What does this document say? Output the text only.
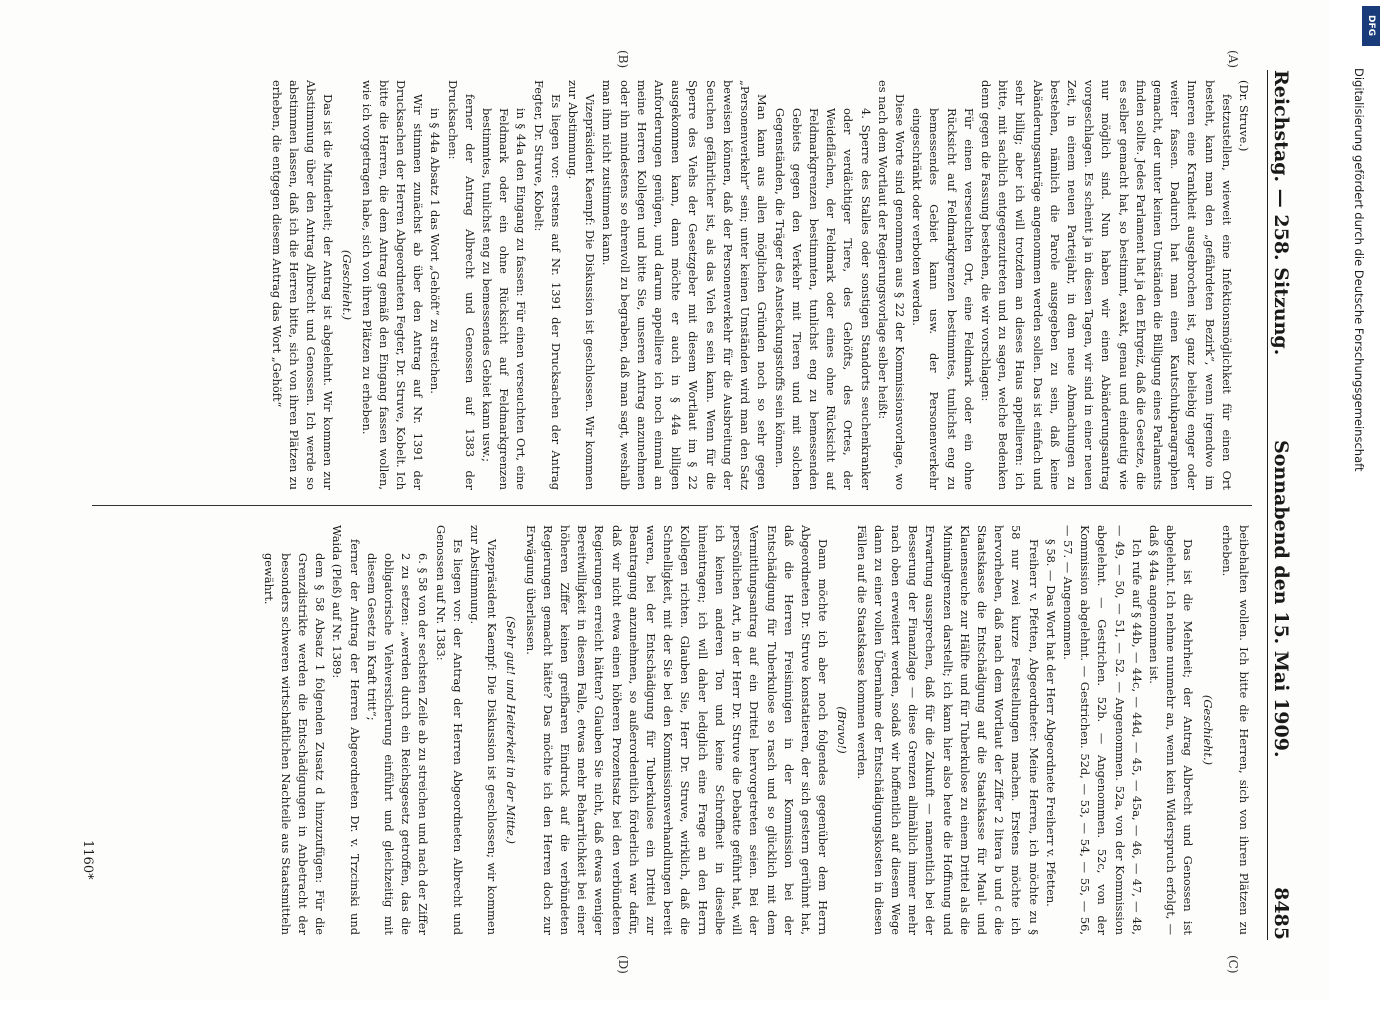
Reichstag. — 258. Sitzung.
Sonnabend den 15. Mai 1909.
8485
(A)
(B)
(C)
(D)

(Dr. Struve.)

festzustellen, wieweit eine Infektionsmöglichkeit für einen Ort besteht, kann man den „gefährdeten Bezirk“, wenn irgendwo im Inneren eine Krankheit ausgebrochen ist, ganz beliebig enger oder weiter fassen. Dadurch hat man einen Kautschukparagraphen gemacht, der unter keinen Umständen die Billigung eines Parlaments finden sollte. Jedes Parlament hat ja den Ehrgeiz, daß die Gesetze, die es selber gemacht hat, so bestimmt, exakt, genau und eindeutig wie nur möglich sind. Nun haben wir einen Abänderungsantrag vorgeschlagen. Es scheint ja in diesen Tagen, wir sind in einer neuen Zeit, in einem neuen Parteijahr, in dem neue Abmachungen zu bestehen, nämlich die Parole ausgegeben zu sein, daß keine Abänderungsanträge angenommen werden sollen. Das ist einfach und sehr billig; aber ich will trotzdem an dieses Haus appellieren: ich bitte, mit sachlich entgegenzutreten und zu sagen, welche Bedenken denn gegen die Fassung bestehen, die wir vorschlagen:

Für einen verseuchten Ort, eine Feldmark oder ein ohne Rücksicht auf Feldmarkgrenzen bestimmtes, tunlichst eng zu bemessendes Gebiet kann usw. der Personenverkehr eingeschränkt oder verboten werden.

Diese Worte sind genommen aus § 22 der Kommissionsvorlage, wo es nach dem Wortlaut der Regierungsvorlage selber heißt:

4. Sperre des Stalles oder sonstigen Standorts seuchenkranker oder verdächtiger Tiere, des Gehöfts, des Ortes, der Weideflächen, der Feldmark oder eines ohne Rücksicht auf Feldmarkgrenzen bestimmten, tunlichst eng zu bemessenden Gebiets gegen den Verkehr mit Tieren und mit solchen Gegenständen, die Träger des Ansteckungsstoffs sein können.

Man kann aus allen möglichen Gründen noch so sehr gegen „Personenverkehr“ sein; unter keinen Umständen wird man den Satz beweisen können, daß der Personenverkehr für die Ausbreitung der Seuchen gefährlicher ist, als das Vieh es sein kann. Wenn für die Sperre des Viehs der Gesetzgeber mit diesem Wortlaut im § 22 ausgekommen kann, dann möchte er auch in § 44a billigen Anforderungen genügen, und darum appelliere ich noch einmal an meine Herren Kollegen und bitte Sie, unseren Antrag anzunehmen oder ihn mindestens so ehrenvoll zu begraben, daß man sagt, weshalb man ihm nicht zustimmen kann.

Vizepräsident Kaempf: Die Diskussion ist geschlossen. Wir kommen zur Abstimmung.

Es liegen vor: erstens auf Nr. 1391 der Drucksachen der Antrag Fegter, Dr. Struve, Kobelt:

in § 44a den Eingang zu fassen: Für einen verseuchten Ort, eine Feldmark oder ein ohne Rücksicht auf Feldmarkgrenzen bestimmtes, tunlichst eng zu bemessendes Gebiet kann usw.;

ferner der Antrag Albrecht und Genossen auf 1383 der Drucksachen:

in § 44a Absatz 1 das Wort „Gehöft“ zu streichen.

Wir stimmen zunächst ab über den Antrag auf Nr. 1391 der Drucksachen der Herren Abgeordneten Fegter, Dr. Struve, Kobelt. Ich bitte die Herren, die dem Antrag gemäß den Eingang fassen wollen, wie ich vorgetragen habe, sich von ihren Plätzen zu erheben.

(Geschieht.)

Das ist die Minderheit; der Antrag ist abgelehnt. Wir kommen zur Abstimmung über den Antrag Albrecht und Genossen. Ich werde so abstimmen lassen, daß ich die Herren bitte, sich von ihren Plätzen zu erheben, die entgegen diesem Antrag das Wort „Gehöft“

beibehalten wollen. Ich bitte die Herren, sich von ihren Plätzen zu erheben.

(Geschieht.)

Das ist die Mehrheit; der Antrag Albrecht und Genossen ist abgelehnt. Ich nehme nunmehr an, wenn kein Widerspruch erfolgt, — daß § 44a angenommen ist.

Ich rufe auf § 44b, — 44c, — 44d, — 45, — 45a, — 46, — 47, — 48, — 49, — 50, — 51, — 52. — Angenommen. 52a, von der Kommission abgelehnt. — Gestrichen. 52b. — Angenommen. 52c, von der Kommission abgelehnt. — Gestrichen. 52d, — 53, — 54, — 55, — 56, — 57. — Angenommen.

§ 58. — Das Wort hat der Herr Abgeordnete Freiherr v. Pfetten.

Freiherr v. Pfetten, Abgeordneter: Meine Herren, ich möchte zu § 58 nur zwei kurze Feststellungen machen. Erstens möchte ich hervorheben, daß nach dem Wortlaut der Ziffer 2 litera b und c die Staatskasse die Entschädigung auf die Staatskasse für Maul- und Klauenseuche zur Hälfte und für Tuberkulose zu einem Drittel als die Minimalgrenzen darstellt; ich kann hier also heute die Hoffnung und Erwartung aussprechen, daß für die Zukunft — namentlich bei der Besserung der Finanzlage — diese Grenzen allmählich immer mehr nach oben erweitert werden, sodaß wir hoffentlich auf diesem Wege dann zu einer vollen Übernahme der Entschädigungskosten in diesen Fällen auf die Staatskasse kommen werden.

(Bravo!)

Dann möchte ich aber noch folgendes gegenüber dem Herrn Abgeordneten Dr. Struve konstatieren, der sich gestern gerühmt hat, daß die Herren Freisinnigen in der Kommission bei der Entschädigung für Tuberkulose so rasch und so glücklich mit dem Vermittlungsantrag auf ein Drittel hervorgetreten seien. Bei der persönlichen Art, in der Herr Dr. Struve die Debatte geführt hat, will ich keinen anderen Ton und keine Schroffheit in dieselbe hineintragen; ich will daher lediglich eine Frage an den Herrn Kollegen richten. Glauben Sie, Herr Dr. Struve, wirklich, daß die Schnelligkeit, mit der Sie bei den Kommissionsverhandlungen bereit waren, bei der Entschädigung für Tuberkulose ein Drittel zur Beantragung anzunehmen, so außerordentlich förderlich war dafür, daß wir nicht etwa einen höheren Prozentsatz bei den verbündeten Regierungen erreicht hätten? Glauben Sie nicht, daß etwas weniger Bereitwilligkeit in diesem Falle, etwas mehr Beharrlichkeit bei einer höheren Ziffer keinen greifbaren Eindruck auf die verbündeten Regierungen gemacht hätte? Das möchte ich den Herren doch zur Erwägung überlassen.

(Sehr gut! und Heiterkeit in der Mitte.)

Vizepräsident Kaempf: Die Diskussion ist geschlossen; wir kommen zur Abstimmung.

Es liegen vor: der Antrag der Herren Abgeordneten Albrecht und Genossen auf Nr. 1383:

6. § 58 von der sechsten Zeile ab zu streichen und nach der Ziffer 2 zu setzen: „werden durch ein Reichsgesetz getroffen, das die obligatorische Viehversicherung einführt und gleichzeitig mit diesem Gesetz in Kraft tritt“;

ferner der Antrag der Herren Abgeordneten Dr. v. Trzcinski und Waida (Pleß) auf Nr. 1389:

dem § 58 Absatz 1 folgenden Zusatz d hinzuzufügen: Für die Grenzdistrikte werden die Entschädigungen in Anbetracht der besonders schweren wirtschaftlichen Nachteile aus Staatsmitteln gewährt.

1160*
DFG
Digitalisierung gefördert durch die Deutsche Forschungsgemeinschaft
